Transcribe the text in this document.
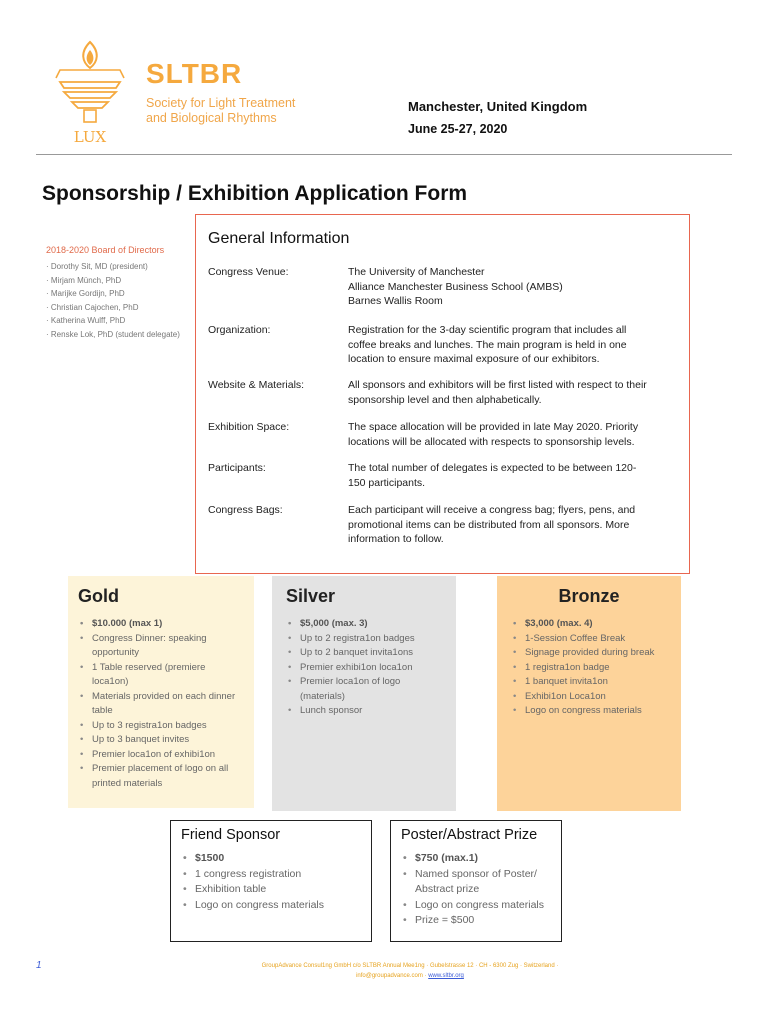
LUX
SLTBR
Society for Light Treatment
and Biological Rhythms
Manchester, United Kingdom
June 25-27, 2020
Sponsorship / Exhibition Application Form
2018-2020 Board of Directors
· Dorothy Sit, MD (president)
· Mirjam Münch, PhD
· Marijke Gordijn, PhD
· Christian Cajochen, PhD
· Katherina Wulff, PhD
· Renske Lok, PhD (student delegate)
General Information
Congress Venue:	The University of Manchester
Alliance Manchester Business School (AMBS)
Barnes Wallis Room
Organization:	Registration for the 3-day scientific program that includes all coffee breaks and lunches. The main program is held in one location to ensure maximal exposure of our exhibitors.
Website & Materials:	All sponsors and exhibitors will be first listed with respect to their sponsorship level and then alphabetically.
Exhibition Space:	The space allocation will be provided in late May 2020. Priority locations will be allocated with respects to sponsorship levels.
Participants:	The total number of delegates is expected to be between 120-150 participants.
Congress Bags:	Each participant will receive a congress bag; flyers, pens, and promotional items can be distributed from all sponsors. More information to follow.
Gold
• $10.000 (max 1)
• Congress Dinner: speaking opportunity
• 1 Table reserved (premiere loca1on)
• Materials provided on each dinner table
• Up to 3 registra1on badges
• Up to 3 banquet invites
• Premier loca1on of exhibi1on
• Premier placement of logo on all printed materials
Silver
• $5,000 (max. 3)
• Up to 2 registra1on badges
• Up to 2 banquet invita1ons
• Premier exhibi1on loca1on
• Premier loca1on of logo (materials)
• Lunch sponsor
Bronze
• $3,000 (max. 4)
• 1-Session Coffee Break
• Signage provided during break
• 1 registra1on badge
• 1 banquet invita1on
• Exhibi1on Loca1on
• Logo on congress materials
Friend Sponsor
• $1500
• 1 congress registration
• Exhibition table
• Logo on congress materials
Poster/Abstract Prize
• $750 (max.1)
• Named sponsor of Poster/ Abstract prize
• Logo on congress materials
• Prize = $500
1	GroupAdvance Consul1ng GmbH c/o SLTBR Annual Mee1ng · Gubelstrasse 12 · CH - 6300 Zug · Switzerland ·
info@groupadvance.com · www.sltbr.org
